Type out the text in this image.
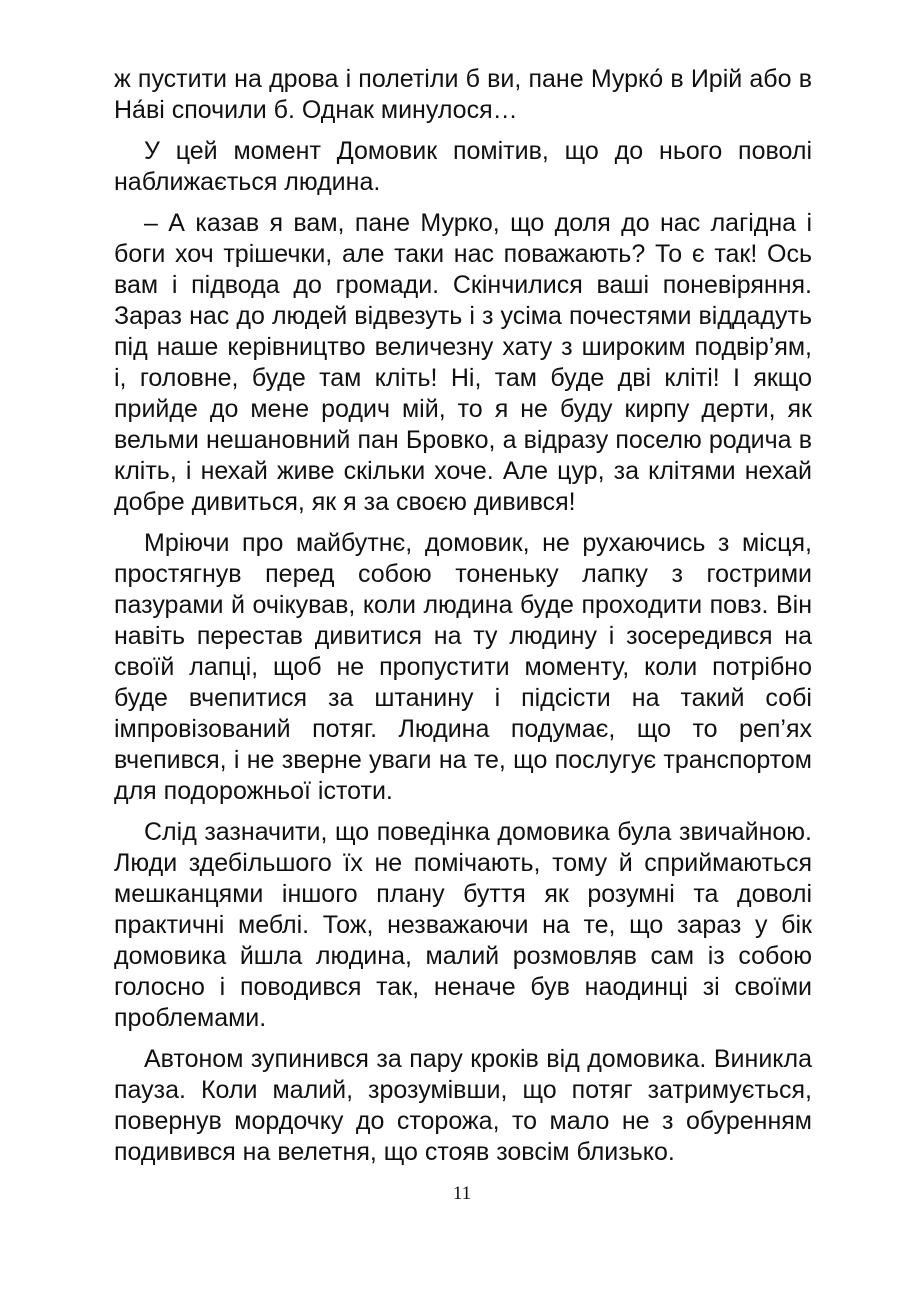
ж пустити на дрова і полетіли б ви, пане Мурко́ в Ирій або в На́ві спочили б. Однак минулося…

У цей момент Домовик помітив, що до нього поволі наближається людина.

– А казав я вам, пане Мурко, що доля до нас лагідна і боги хоч трішечки, але таки нас поважають? То є так! Ось вам і підвода до громади. Скінчилися ваші поневіряння. Зараз нас до людей відвезуть і з усіма почестями віддадуть під наше керівництво величезну хату з широким подвір’ям, і, головне, буде там кліть! Ні, там буде дві кліті! І якщо прийде до мене родич мій, то я не буду кирпу дерти, як вельми нешановний пан Бровко, а відразу поселю родича в кліть, і нехай живе скільки хоче. Але цур, за клітями нехай добре дивиться, як я за своєю дивився!

Мріючи про майбутнє, домовик, не рухаючись з місця, простягнув перед собою тоненьку лапку з гострими пазурами й очікував, коли людина буде проходити повз. Він навіть перестав дивитися на ту людину і зосередився на своїй лапці, щоб не пропустити моменту, коли потрібно буде вчепитися за штанину і підсісти на такий собі імпровізований потяг. Людина подумає, що то реп’ях вчепився, і не зверне уваги на те, що послугує транспортом для подорожньої істоти.

Слід зазначити, що поведінка домовика була звичайною. Люди здебільшого їх не помічають, тому й сприймаються мешканцями іншого плану буття як розумні та доволі практичні меблі. Тож, незважаючи на те, що зараз у бік домовика йшла людина, малий розмовляв сам із собою голосно і поводився так, неначе був наодинці зі своїми проблемами.

Автоном зупинився за пару кроків від домовика. Виникла пауза. Коли малий, зрозумівши, що потяг затримується, повернув мордочку до сторожа, то мало не з обуренням подивився на велетня, що стояв зовсім близько.

11
